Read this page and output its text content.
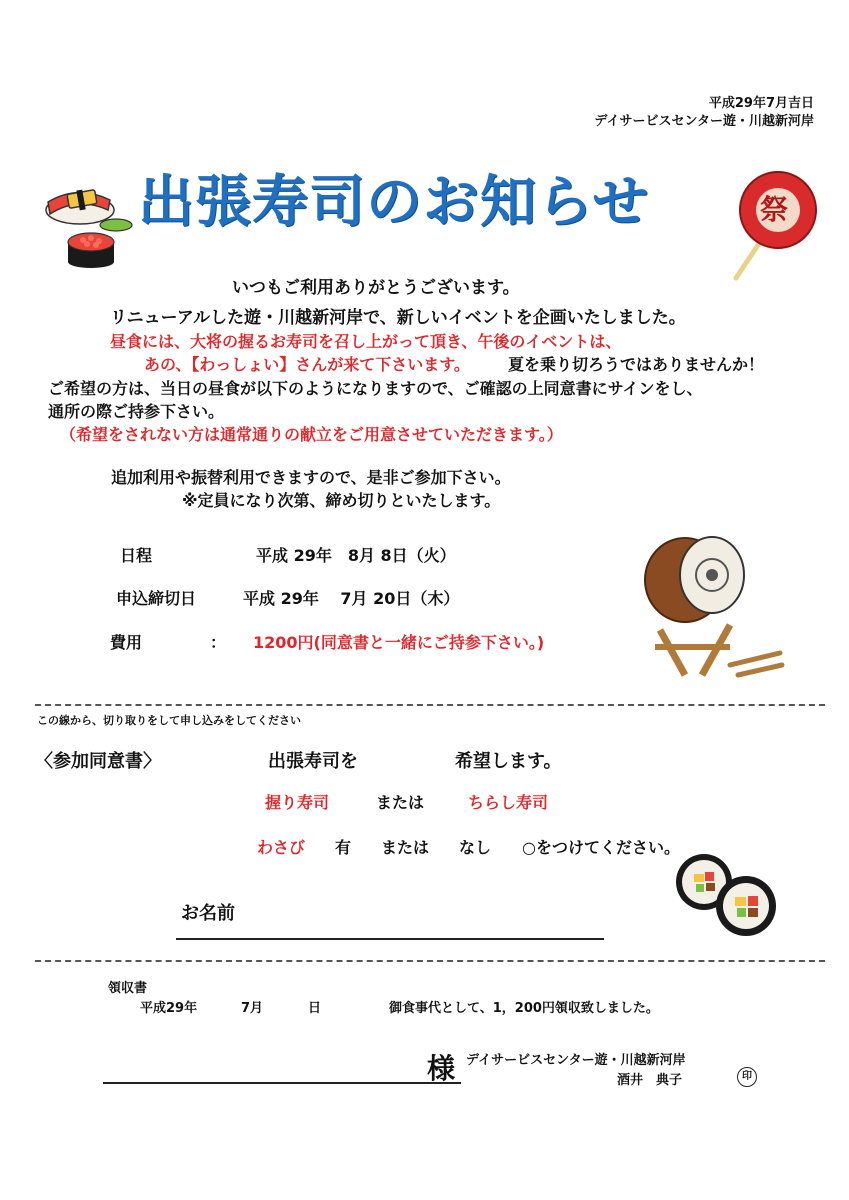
平成29年7月吉日
デイサービスセンター遊・川越新河岸
出張寿司のお知らせ	祭
いつもご利用ありがとうございます。
リニューアルした遊・川越新河岸で、新しいイベントを企画いたしました。
昼食には、大将の握るお寿司を召し上がって頂き、午後のイベントは、
あの、【わっしょい】さんが来て下さいます。 夏を乗り切ろうではありませんか！
ご希望の方は、当日の昼食が以下のようになりますので、ご確認の上同意書にサインをし、
通所の際ご持参下さい。
（希望をされない方は通常通りの献立をご用意させていただきます。）
追加利用や振替利用できますので、是非ご参加下さい。
※定員になり次第、締め切りといたします。
日程	平成 29年　8月 8日（火）
申込締切日	平成 29年　 7月 20日（木）
費用	： 1200円(同意書と一緒にご持参下さい。)
この線から、切り取りをして申し込みをしてください
〈参加同意書〉	出張寿司を	希望します。
握り寿司	または	ちらし寿司
わさび 有 または なし ○をつけてください。
お名前
領収書
平成29年	7月	日	御食事代として、1，200円領収致しました。
様 デイサービスセンター遊・川越新河岸
酒井　典子	印
